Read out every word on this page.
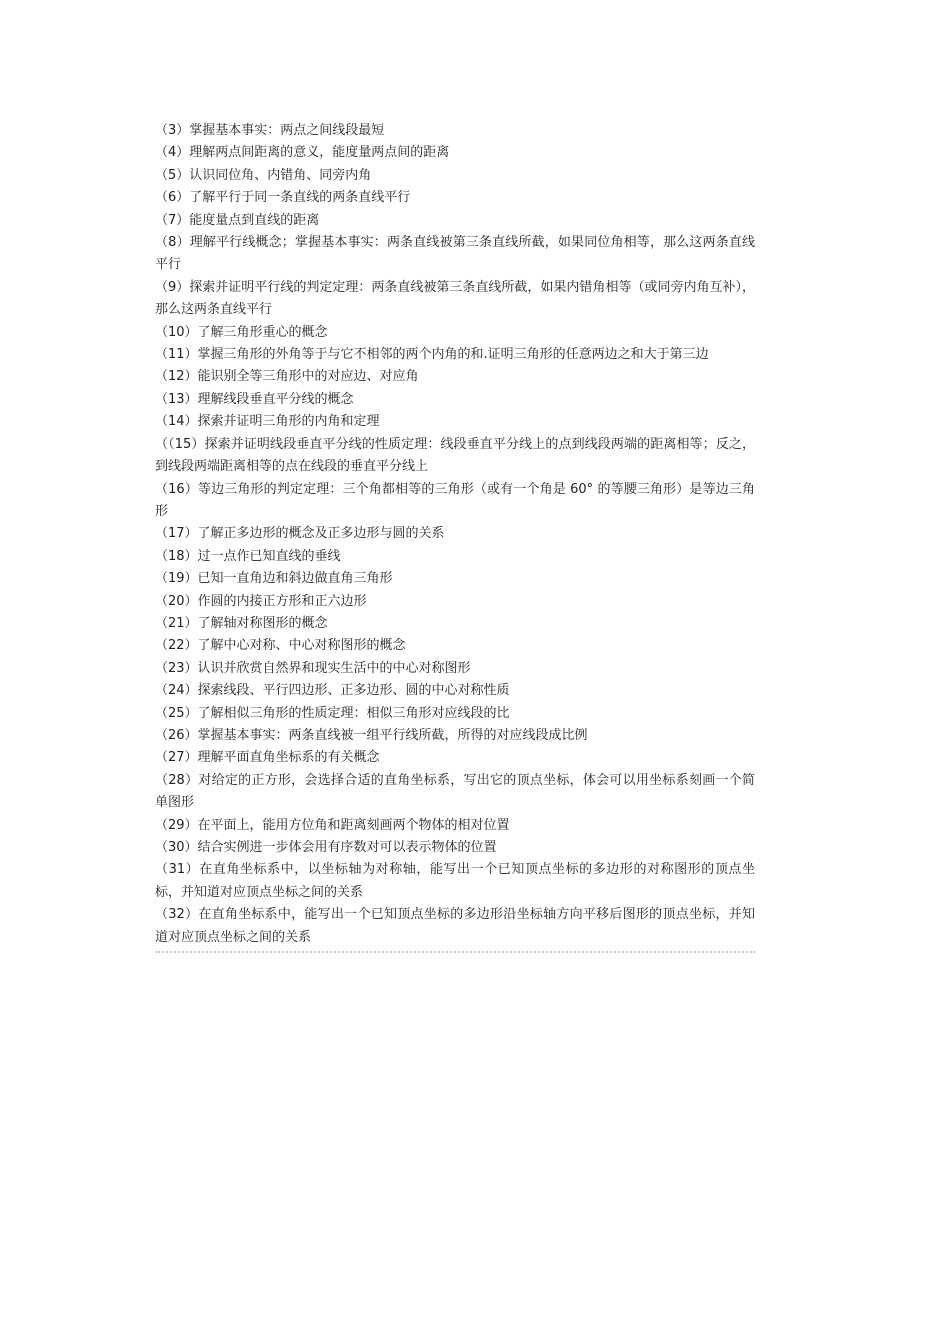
（3）掌握基本事实：两点之间线段最短

（4）理解两点间距离的意义，能度量两点间的距离

（5）认识同位角、内错角、同旁内角

（6）了解平行于同一条直线的两条直线平行

（7）能度量点到直线的距离

（8）理解平行线概念；掌握基本事实：两条直线被第三条直线所截，如果同位角相等，那么这两条直线平行

（9）探索并证明平行线的判定定理：两条直线被第三条直线所截，如果内错角相等（或同旁内角互补），那么这两条直线平行

（10）了解三角形重心的概念

（11）掌握三角形的外角等于与它不相邻的两个内角的和.证明三角形的任意两边之和大于第三边

（12）能识别全等三角形中的对应边、对应角

（13）理解线段垂直平分线的概念

（14）探索并证明三角形的内角和定理

（（15）探索并证明线段垂直平分线的性质定理：线段垂直平分线上的点到线段两端的距离相等；反之，到线段两端距离相等的点在线段的垂直平分线上

（16）等边三角形的判定定理：三个角都相等的三角形（或有一个角是 60° 的等腰三角形）是等边三角形

（17）了解正多边形的概念及正多边形与圆的关系

（18）过一点作已知直线的垂线

（19）已知一直角边和斜边做直角三角形

（20）作圆的内接正方形和正六边形

（21）了解轴对称图形的概念

（22）了解中心对称、中心对称图形的概念

（23）认识并欣赏自然界和现实生活中的中心对称图形

（24）探索线段、平行四边形、正多边形、圆的中心对称性质

（25）了解相似三角形的性质定理：相似三角形对应线段的比

（26）掌握基本事实：两条直线被一组平行线所截，所得的对应线段成比例

（27）理解平面直角坐标系的有关概念

（28）对给定的正方形，会选择合适的直角坐标系，写出它的顶点坐标，体会可以用坐标系刻画一个简单图形

（29）在平面上，能用方位角和距离刻画两个物体的相对位置

（30）结合实例进一步体会用有序数对可以表示物体的位置

（31）在直角坐标系中，以坐标轴为对称轴，能写出一个已知顶点坐标的多边形的对称图形的顶点坐标，并知道对应顶点坐标之间的关系

（32）在直角坐标系中，能写出一个已知顶点坐标的多边形沿坐标轴方向平移后图形的顶点坐标，并知道对应顶点坐标之间的关系
